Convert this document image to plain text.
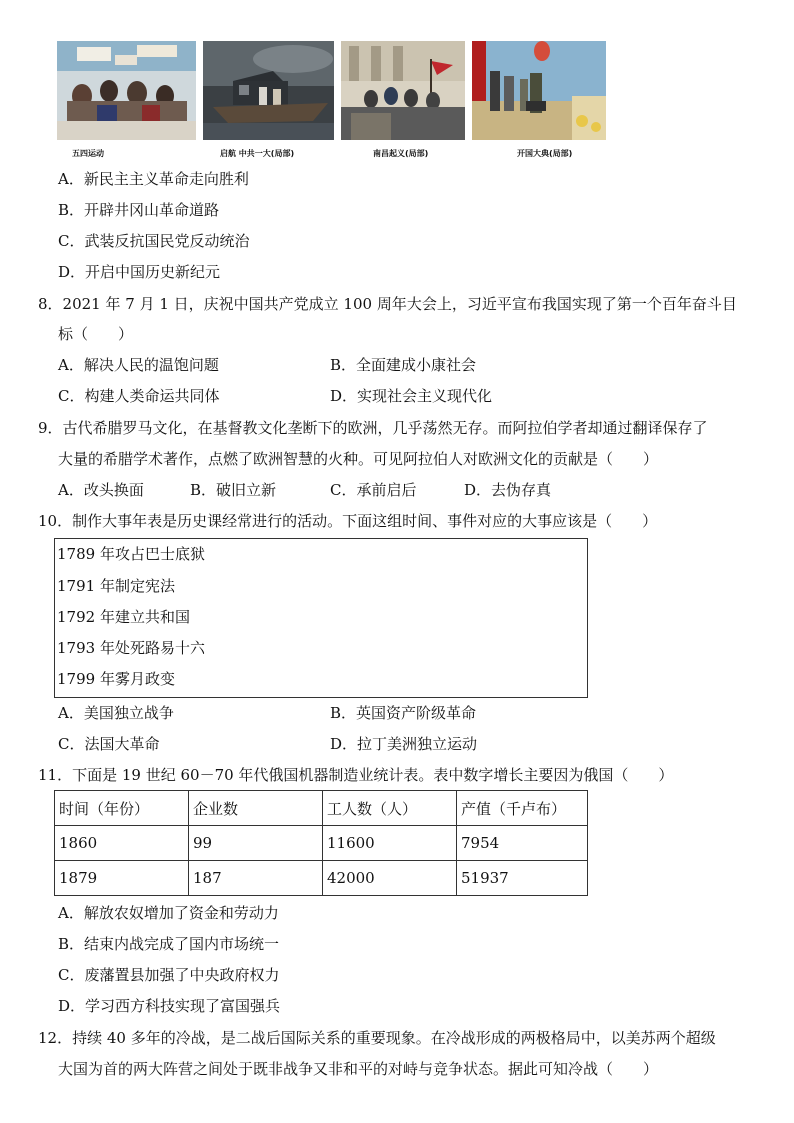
五四运动	启航 中共一大(局部)	南昌起义(局部)	开国大典(局部)
A．新民主主义革命走向胜利
B．开辟井冈山革命道路
C．武装反抗国民党反动统治
D．开启中国历史新纪元
8．2021 年 7 月 1 日，庆祝中国共产党成立 100 周年大会上，习近平宣布我国实现了第一个百年奋斗目
标（　　）
A．解决人民的温饱问题	B．全面建成小康社会
C．构建人类命运共同体	D．实现社会主义现代化
9．古代希腊罗马文化，在基督教文化垄断下的欧洲，几乎荡然无存。而阿拉伯学者却通过翻译保存了
大量的希腊学术著作，点燃了欧洲智慧的火种。可见阿拉伯人对欧洲文化的贡献是（　　）
A．改头换面	B．破旧立新	C．承前启后	D．去伪存真
10．制作大事年表是历史课经常进行的活动。下面这组时间、事件对应的大事应该是（　　）
1789 年攻占巴士底狱
1791 年制定宪法
1792 年建立共和国
1793 年处死路易十六
1799 年雾月政变
A．美国独立战争	B．英国资产阶级革命
C．法国大革命	D．拉丁美洲独立运动
11．下面是 19 世纪 60－70 年代俄国机器制造业统计表。表中数字增长主要因为俄国（　　）
时间（年份）	企业数	工人数（人）	产值（千卢布）
1860	99	11600	7954
1879	187	42000	51937
A．解放农奴增加了资金和劳动力
B．结束内战完成了国内市场统一
C．废藩置县加强了中央政府权力
D．学习西方科技实现了富国强兵
12．持续 40 多年的冷战，是二战后国际关系的重要现象。在冷战形成的两极格局中，以美苏两个超级
大国为首的两大阵营之间处于既非战争又非和平的对峙与竞争状态。据此可知冷战（　　）
